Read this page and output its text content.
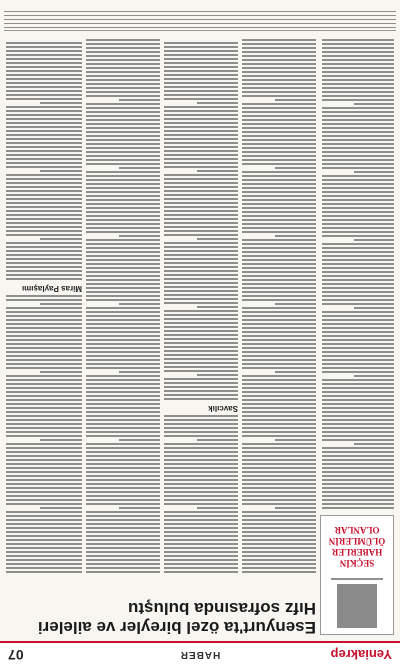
Yeniakrep
HABER
07
SEÇKİN HABERLER
ÖLÜMLERİN
OLANLAR
Esenyurt'ta özel bireyler ve aileleri Hıfz sofrasında buluştu
Savcılık
Miras Paylaşımı
